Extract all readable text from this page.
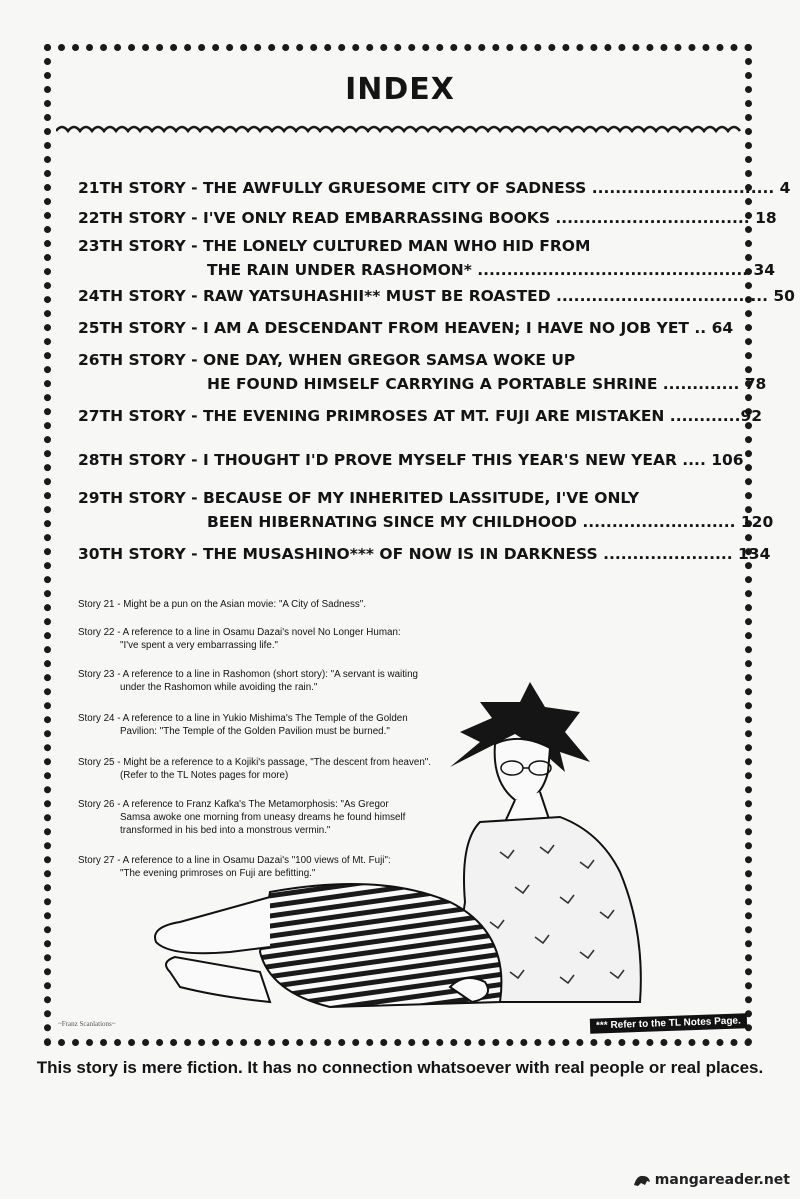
INDEX
21TH STORY - THE AWFULLY GRUESOME CITY OF SADNESS ............................... 4
22TH STORY - I'VE ONLY READ EMBARRASSING BOOKS ................................. 18
23TH STORY - THE LONELY CULTURED MAN WHO HID FROM
THE RAIN UNDER RASHOMON* .............................................. 34
24TH STORY - RAW YATSUHASHII** MUST BE ROASTED .................................... 50
25TH STORY - I AM A DESCENDANT FROM HEAVEN; I HAVE NO JOB YET .. 64
26TH STORY - ONE DAY, WHEN GREGOR SAMSA WOKE UP
HE FOUND HIMSELF CARRYING A PORTABLE SHRINE ............. 78
27TH STORY - THE EVENING PRIMROSES AT MT. FUJI ARE MISTAKEN ............92
28TH STORY - I THOUGHT I'D PROVE MYSELF THIS YEAR'S NEW YEAR .... 106
29TH STORY - BECAUSE OF MY INHERITED LASSITUDE, I'VE ONLY
BEEN HIBERNATING SINCE MY CHILDHOOD .......................... 120
30TH STORY - THE MUSASHINO*** OF NOW IS IN DARKNESS ...................... 134
Story 21 - Might be a pun on the Asian movie: "A City of Sadness".
Story 22 - A reference to a line in Osamu Dazai's novel No Longer Human:
"I've spent a very embarrassing life."
Story 23 - A reference to a line in Rashomon (short story): "A servant is waiting
under the Rashomon while avoiding the rain."
Story 24 - A reference to a line in Yukio Mishima's The Temple of the Golden
Pavilion: "The Temple of the Golden Pavilion must be burned."
Story 25 - Might be a reference to a Kojiki's passage, "The descent from heaven".
(Refer to the TL Notes pages for more)
Story 26 - A reference to Franz Kafka's The Metamorphosis: "As Gregor
Samsa awoke one morning from uneasy dreams he found himself
transformed in his bed into a monstrous vermin."
Story 27 - A reference to a line in Osamu Dazai's "100 views of Mt. Fuji":
"The evening primroses on Fuji are befitting."
~Franz Scanlations~	*** Refer to the TL Notes Page.
This story is mere fiction. It has no connection whatsoever with real people or real places.
mangareader.net
